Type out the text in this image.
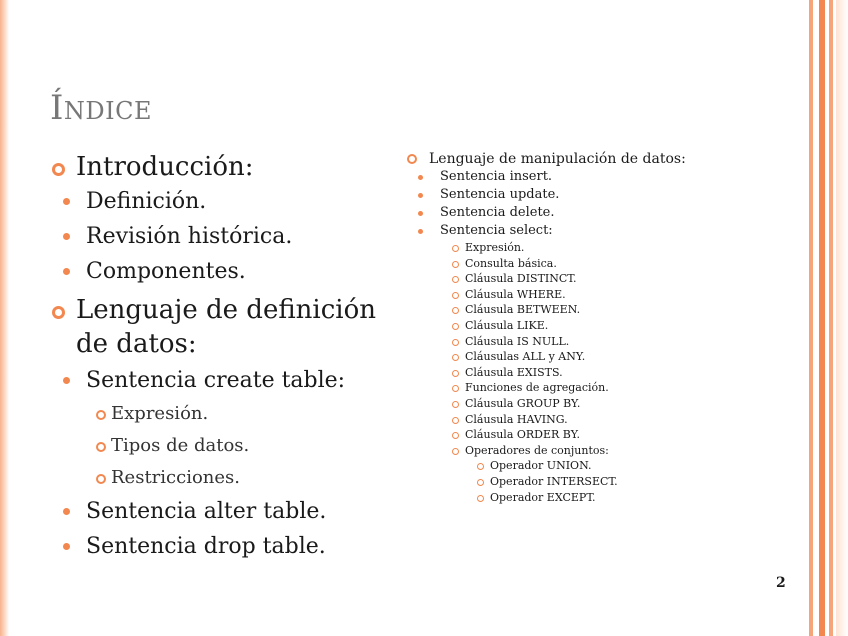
Índice
Introducción:
Definición.
Revisión histórica.
Componentes.
Lenguaje de definición de datos:
Sentencia create table:
Expresión.
Tipos de datos.
Restricciones.
Sentencia alter table.
Sentencia drop table.
Lenguaje de manipulación de datos:
Sentencia insert.
Sentencia update.
Sentencia delete.
Sentencia select:
Expresión.
Consulta básica.
Cláusula DISTINCT.
Cláusula WHERE.
Cláusula BETWEEN.
Cláusula LIKE.
Cláusula IS NULL.
Cláusulas ALL y ANY.
Cláusula EXISTS.
Funciones de agregación.
Cláusula GROUP BY.
Cláusula HAVING.
Cláusula ORDER BY.
Operadores de conjuntos:
Operador UNION.
Operador INTERSECT.
Operador EXCEPT.
2
